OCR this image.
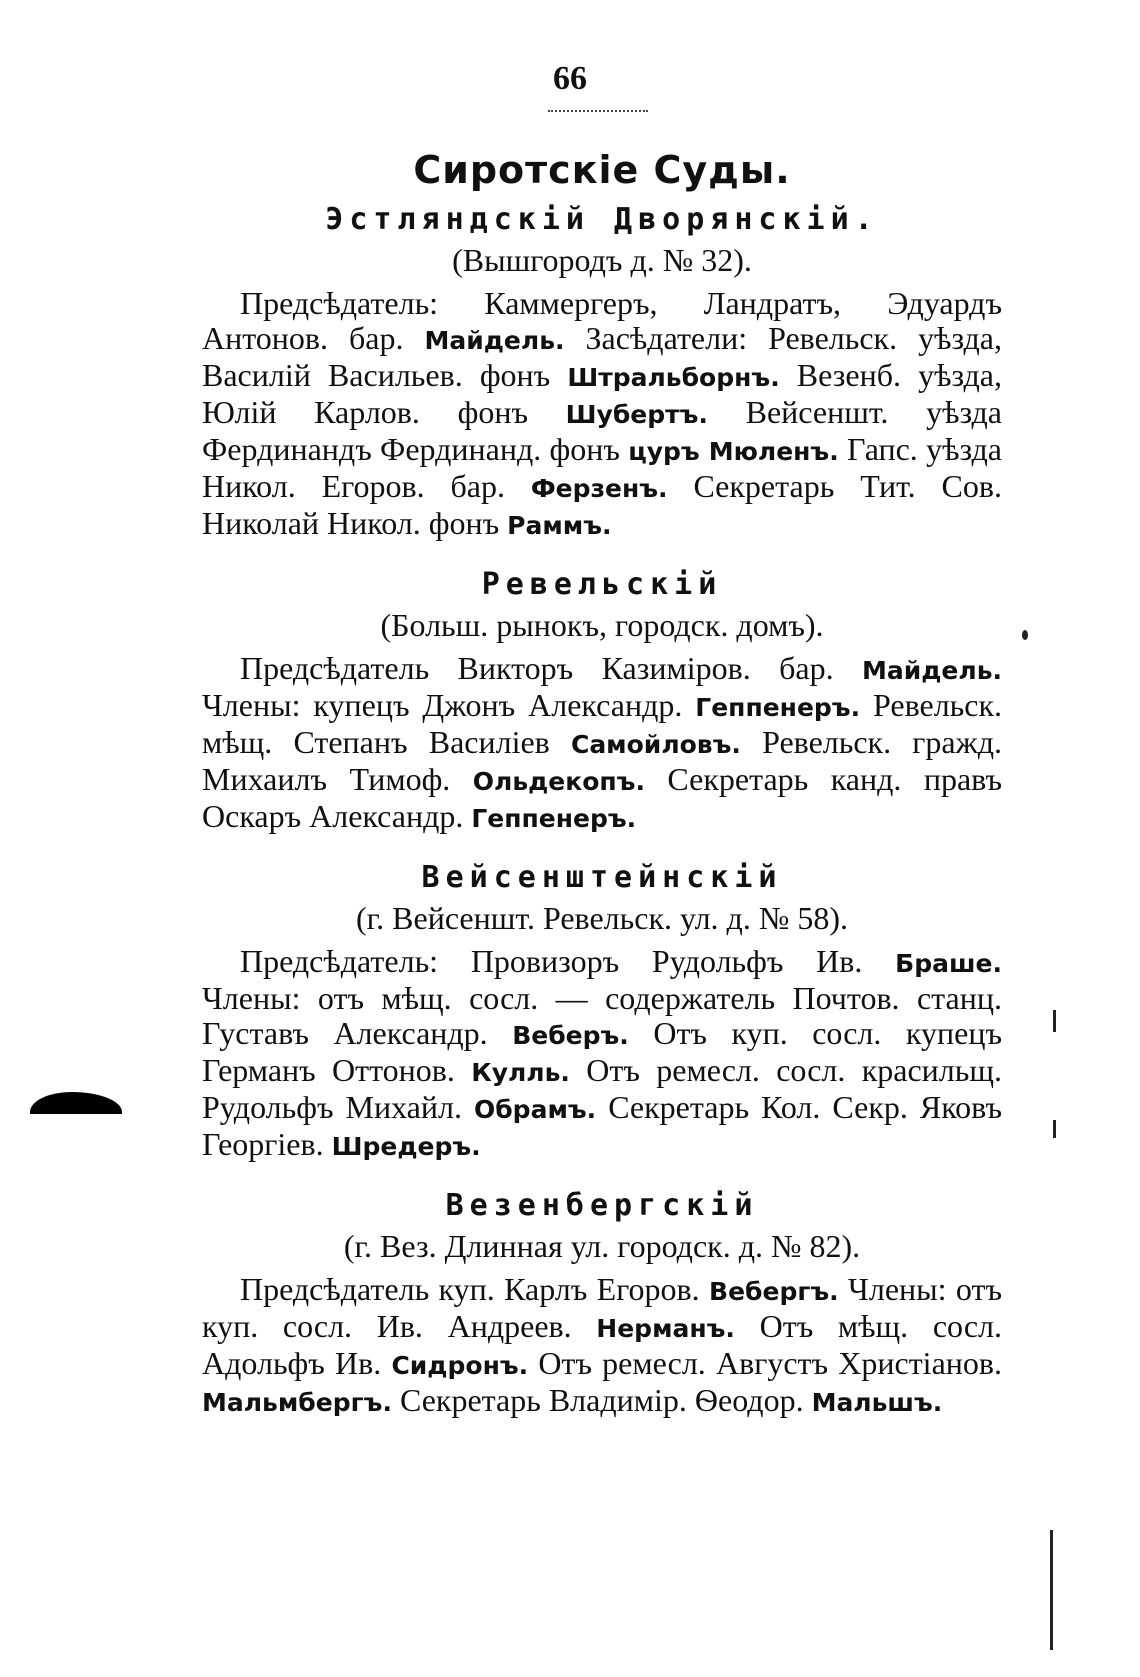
66
Сиротскіе Суды.
Эстляндскій Дворянскій.

(Вышгородъ д. № 32).

Предсѣдатель: Каммергеръ, Ландратъ, Эдуардъ Антонов. бар. Майдель. Засѣдатели: Ревельск. уѣзда, Василій Васильев. фонъ Штральборнъ. Везенб. уѣзда, Юлій Карлов. фонъ Шубертъ. Вейсеншт. уѣзда Фердинандъ Фердинанд. фонъ цуръ Мюленъ. Гапс. уѣзда Никол. Егоров. бар. Ферзенъ. Секретарь Тит. Сов. Николай Никол. фонъ Раммъ.

Ревельскій

(Больш. рынокъ, городск. домъ).

Предсѣдатель Викторъ Казиміров. бар. Майдель. Члены: купецъ Джонъ Александр. Геппенеръ. Ревельск. мѣщ. Степанъ Василіев Самойловъ. Ревельск. гражд. Михаилъ Тимоф. Ольдекопъ. Секретарь канд. правъ Оскаръ Александр. Геппенеръ.

Вейсенштейнскій

(г. Вейсеншт. Ревельск. ул. д. № 58).

Предсѣдатель: Провизоръ Рудольфъ Ив. Браше. Члены: отъ мѣщ. сосл. — содержатель Почтов. станц. Густавъ Александр. Веберъ. Отъ куп. сосл. купецъ Германъ Оттонов. Кулль. Отъ ремесл. сосл. красильщ. Рудольфъ Михайл. Обрамъ. Секретарь Кол. Секр. Яковъ Георгіев. Шредеръ.

Везенбергскій

(г. Вез. Длинная ул. городск. д. № 82).

Предсѣдатель куп. Карлъ Егоров. Вебергъ. Члены: отъ куп. сосл. Ив. Андреев. Нерманъ. Отъ мѣщ. сосл. Адольфъ Ив. Сидронъ. Отъ ремесл. Августъ Христіанов. Мальмбергъ. Секретарь Владимір. Ѳеодор. Мальшъ.
